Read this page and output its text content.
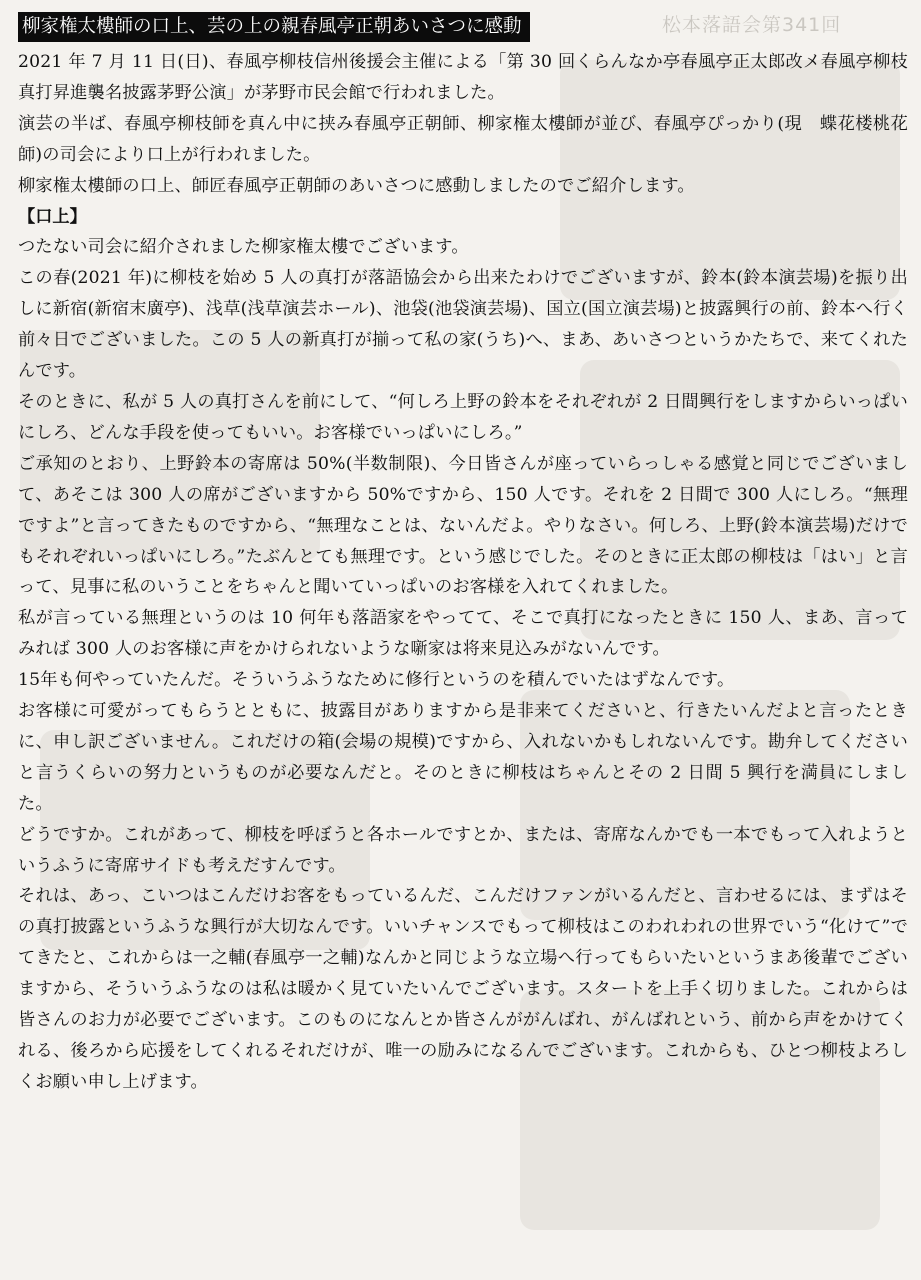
松本落語会第341回
柳家権太樓師の口上、芸の上の親春風亭正朝あいさつに感動

2021 年 7 月 11 日(日)、春風亭柳枝信州後援会主催による「第 30 回くらんなか亭春風亭正太郎改メ春風亭柳枝真打昇進襲名披露茅野公演」が茅野市民会館で行われました。

演芸の半ば、春風亭柳枝師を真ん中に挟み春風亭正朝師、柳家権太樓師が並び、春風亭ぴっかり(現　蝶花楼桃花師)の司会により口上が行われました。

柳家権太樓師の口上、師匠春風亭正朝師のあいさつに感動しましたのでご紹介します。

【口上】

つたない司会に紹介されました柳家権太樓でございます。

この春(2021 年)に柳枝を始め 5 人の真打が落語協会から出来たわけでございますが、鈴本(鈴本演芸場)を振り出しに新宿(新宿末廣亭)、浅草(浅草演芸ホール)、池袋(池袋演芸場)、国立(国立演芸場)と披露興行の前、鈴本へ行く前々日でございました。この 5 人の新真打が揃って私の家(うち)へ、まあ、あいさつというかたちで、来てくれたんです。

そのときに、私が 5 人の真打さんを前にして、“何しろ上野の鈴本をそれぞれが 2 日間興行をしますからいっぱいにしろ、どんな手段を使ってもいい。お客様でいっぱいにしろ。”

ご承知のとおり、上野鈴本の寄席は 50%(半数制限)、今日皆さんが座っていらっしゃる感覚と同じでございまして、あそこは 300 人の席がございますから 50%ですから、150 人です。それを 2 日間で 300 人にしろ。“無理ですよ”と言ってきたものですから、“無理なことは、ないんだよ。やりなさい。何しろ、上野(鈴本演芸場)だけでもそれぞれいっぱいにしろ。”たぶんとても無理です。という感じでした。そのときに正太郎の柳枝は「はい」と言って、見事に私のいうことをちゃんと聞いていっぱいのお客様を入れてくれました。

私が言っている無理というのは 10 何年も落語家をやってて、そこで真打になったときに 150 人、まあ、言ってみれば 300 人のお客様に声をかけられないような噺家は将来見込みがないんです。

15年も何やっていたんだ。そういうふうなために修行というのを積んでいたはずなんです。

お客様に可愛がってもらうとともに、披露目がありますから是非来てくださいと、行きたいんだよと言ったときに、申し訳ございません。これだけの箱(会場の規模)ですから、入れないかもしれないんです。勘弁してくださいと言うくらいの努力というものが必要なんだと。そのときに柳枝はちゃんとその 2 日間 5 興行を満員にしました。

どうですか。これがあって、柳枝を呼ぼうと各ホールですとか、または、寄席なんかでも一本でもって入れようというふうに寄席サイドも考えだすんです。

それは、あっ、こいつはこんだけお客をもっているんだ、こんだけファンがいるんだと、言わせるには、まずはその真打披露というふうな興行が大切なんです。いいチャンスでもって柳枝はこのわれわれの世界でいう“化けて”でてきたと、これからは一之輔(春風亭一之輔)なんかと同じような立場へ行ってもらいたいというまあ後輩でございますから、そういうふうなのは私は暖かく見ていたいんでございます。スタートを上手く切りました。これからは皆さんのお力が必要でございます。このものになんとか皆さんががんばれ、がんばれという、前から声をかけてくれる、後ろから応援をしてくれるそれだけが、唯一の励みになるんでございます。これからも、ひとつ柳枝よろしくお願い申し上げます。
